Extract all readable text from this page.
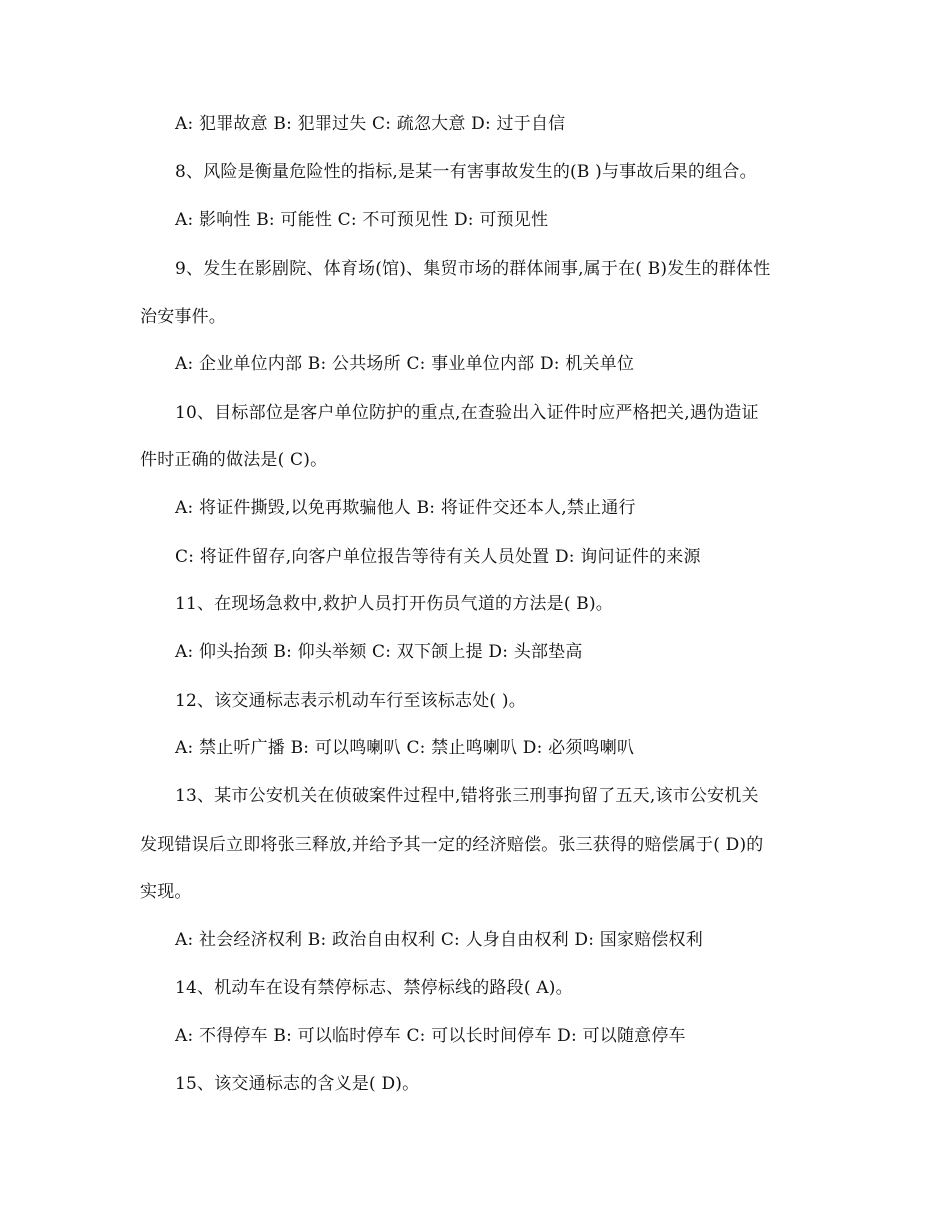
A: 犯罪故意 B: 犯罪过失 C: 疏忽大意 D: 过于自信
8、风险是衡量危险性的指标,是某一有害事故发生的(B )与事故后果的组合。
A: 影响性 B: 可能性 C: 不可预见性 D: 可预见性
9、发生在影剧院、体育场(馆)、集贸市场的群体闹事,属于在( B)发生的群体性
治安事件。
A: 企业单位内部 B: 公共场所 C: 事业单位内部 D: 机关单位
10、目标部位是客户单位防护的重点,在查验出入证件时应严格把关,遇伪造证
件时正确的做法是( C)。
A: 将证件撕毁,以免再欺骗他人 B: 将证件交还本人,禁止通行
C: 将证件留存,向客户单位报告等待有关人员处置 D: 询问证件的来源
11、在现场急救中,救护人员打开伤员气道的方法是( B)。
A: 仰头抬颈 B: 仰头举颏 C: 双下颌上提 D: 头部垫高
12、该交通标志表示机动车行至该标志处( )。
A: 禁止听广播 B: 可以鸣喇叭 C: 禁止鸣喇叭 D: 必须鸣喇叭
13、某市公安机关在侦破案件过程中,错将张三刑事拘留了五天,该市公安机关
发现错误后立即将张三释放,并给予其一定的经济赔偿。张三获得的赔偿属于( D)的
实现。
A: 社会经济权利 B: 政治自由权利 C: 人身自由权利 D: 国家赔偿权利
14、机动车在设有禁停标志、禁停标线的路段( A)。
A: 不得停车 B: 可以临时停车 C: 可以长时间停车 D: 可以随意停车
15、该交通标志的含义是( D)。
